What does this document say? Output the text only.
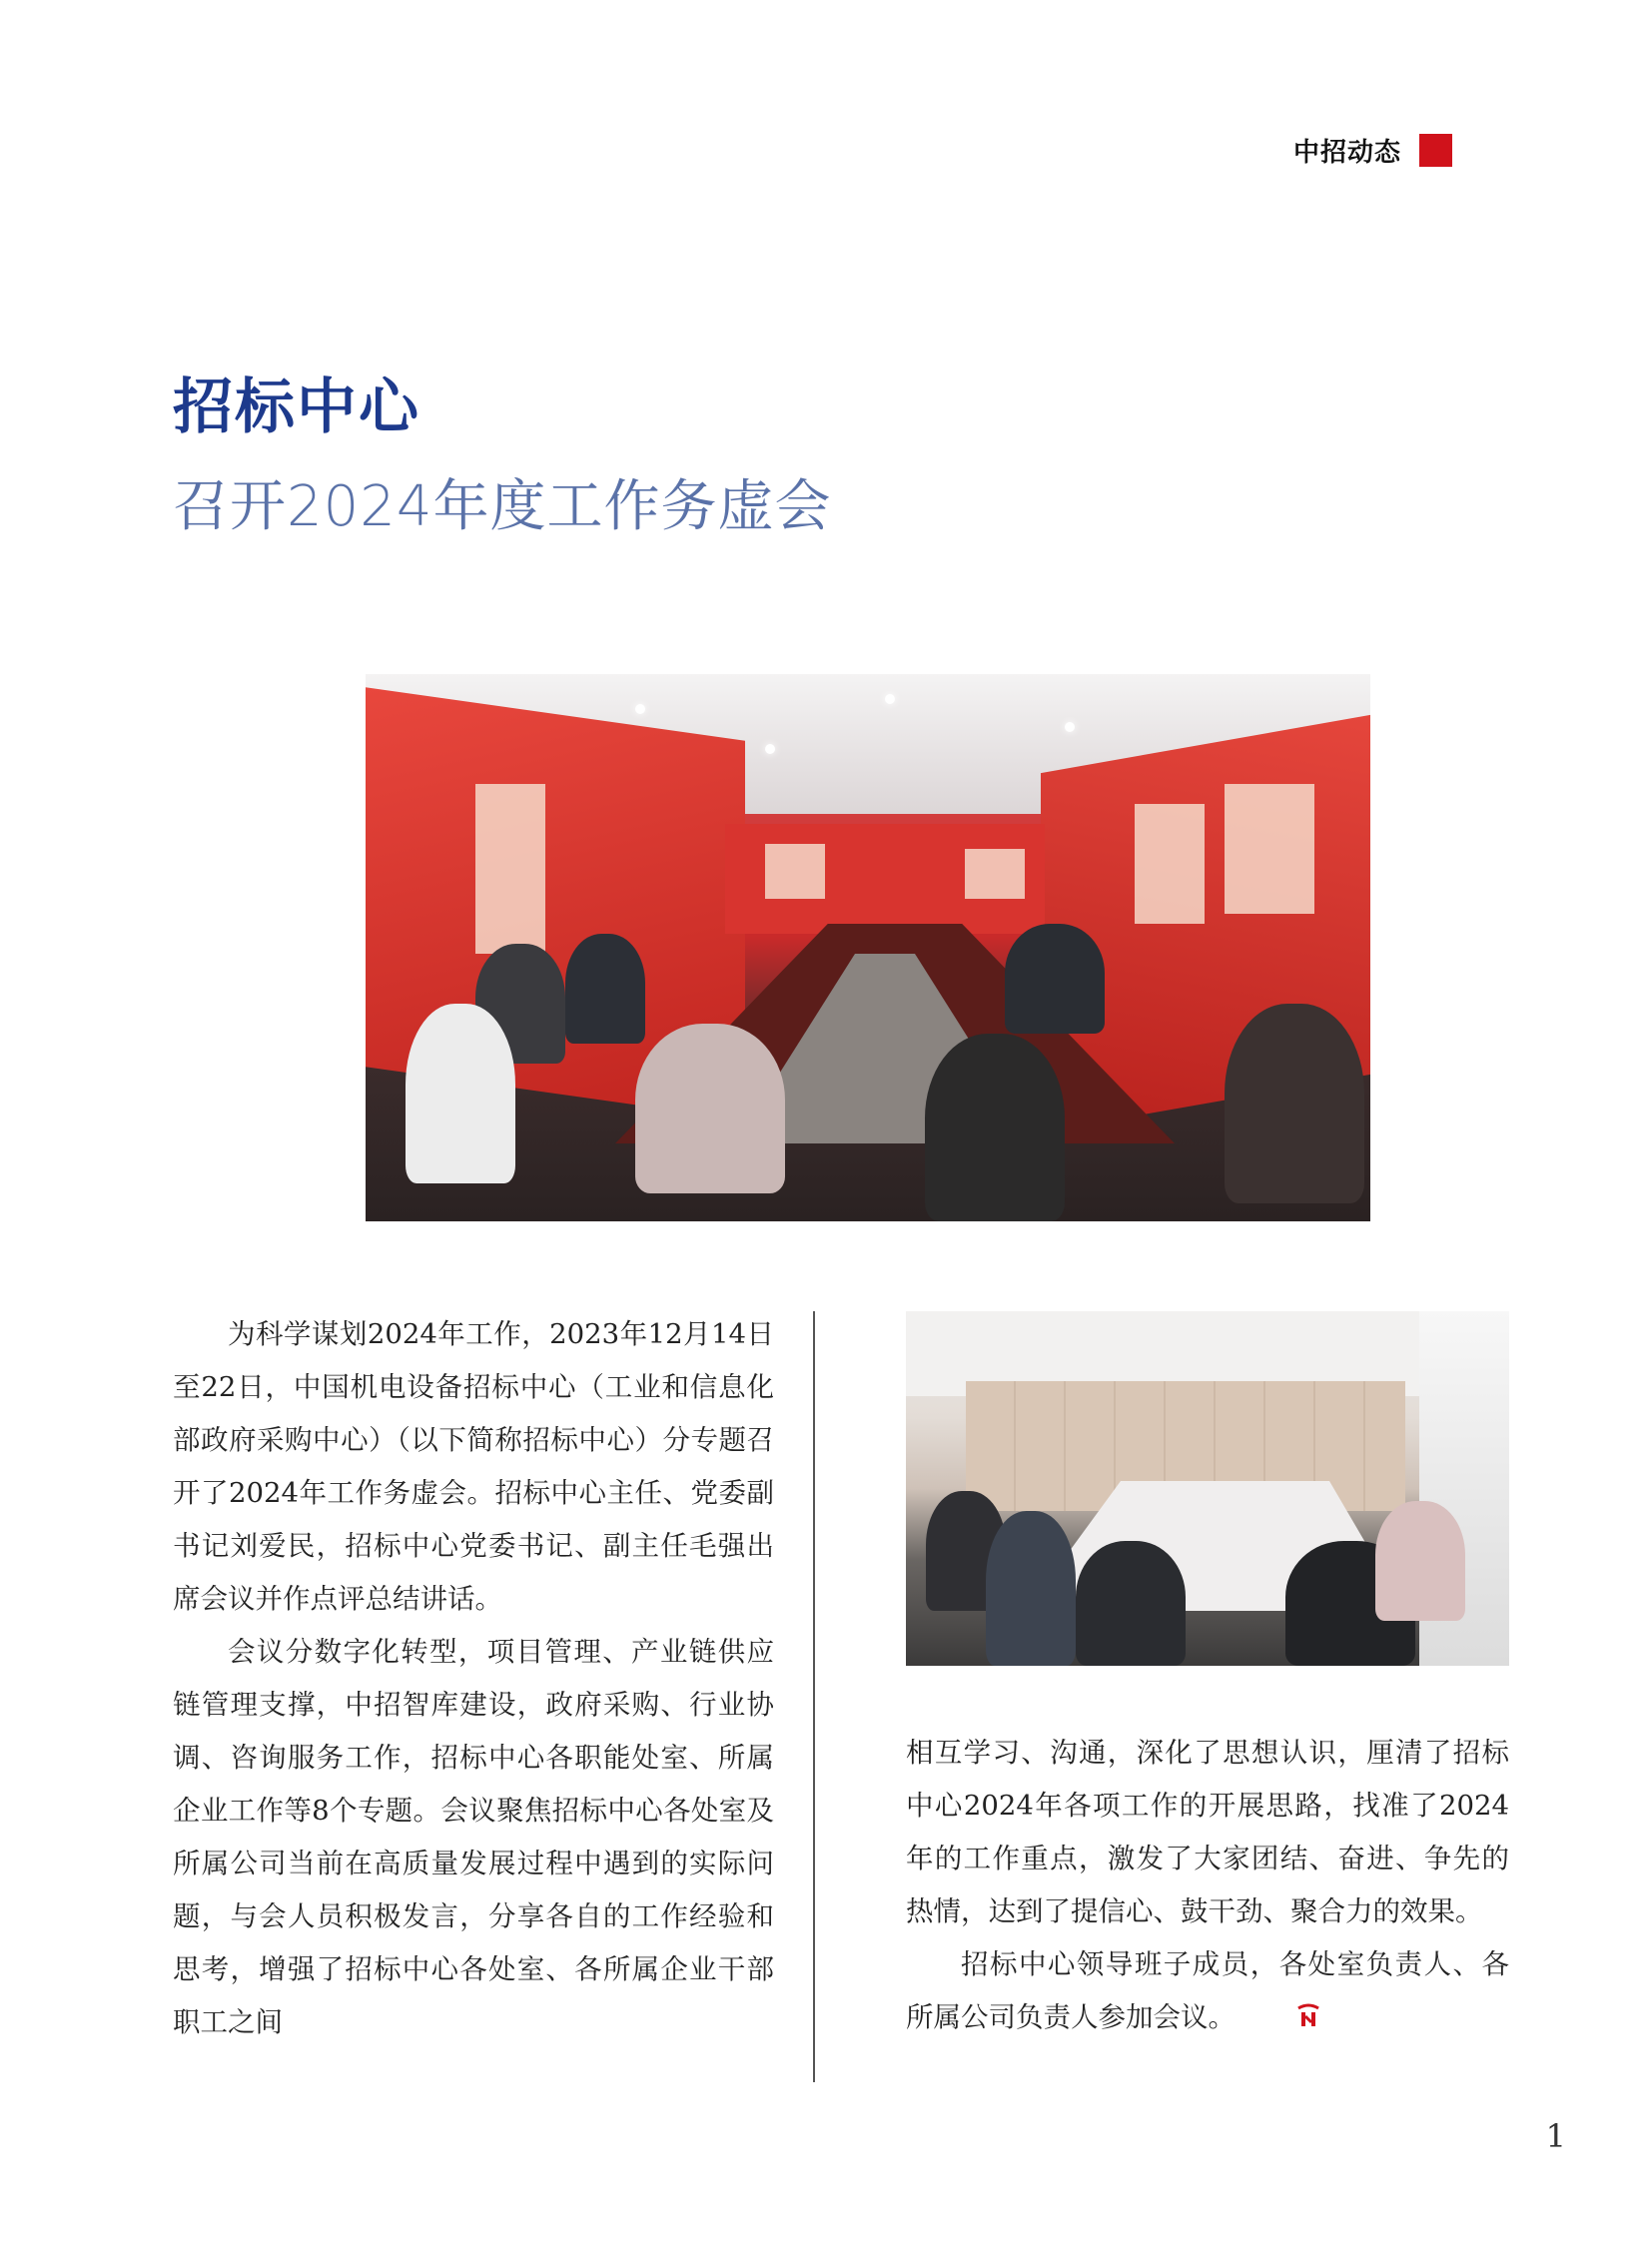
中招动态
招标中心
召开2024年度工作务虚会

为科学谋划2024年工作，2023年12月14日至22日，中国机电设备招标中心（工业和信息化部政府采购中心）（以下简称招标中心）分专题召开了2024年工作务虚会。招标中心主任、党委副书记刘爱民，招标中心党委书记、副主任毛强出席会议并作点评总结讲话。

会议分数字化转型，项目管理、产业链供应链管理支撑，中招智库建设，政府采购、行业协调、咨询服务工作，招标中心各职能处室、所属企业工作等8个专题。会议聚焦招标中心各处室及所属公司当前在高质量发展过程中遇到的实际问题，与会人员积极发言，分享各自的工作经验和思考，增强了招标中心各处室、各所属企业干部职工之间

相互学习、沟通，深化了思想认识，厘清了招标中心2024年各项工作的开展思路，找准了2024年的工作重点，激发了大家团结、奋进、争先的热情，达到了提信心、鼓干劲、聚合力的效果。

招标中心领导班子成员，各处室负责人、各所属公司负责人参加会议。

1
